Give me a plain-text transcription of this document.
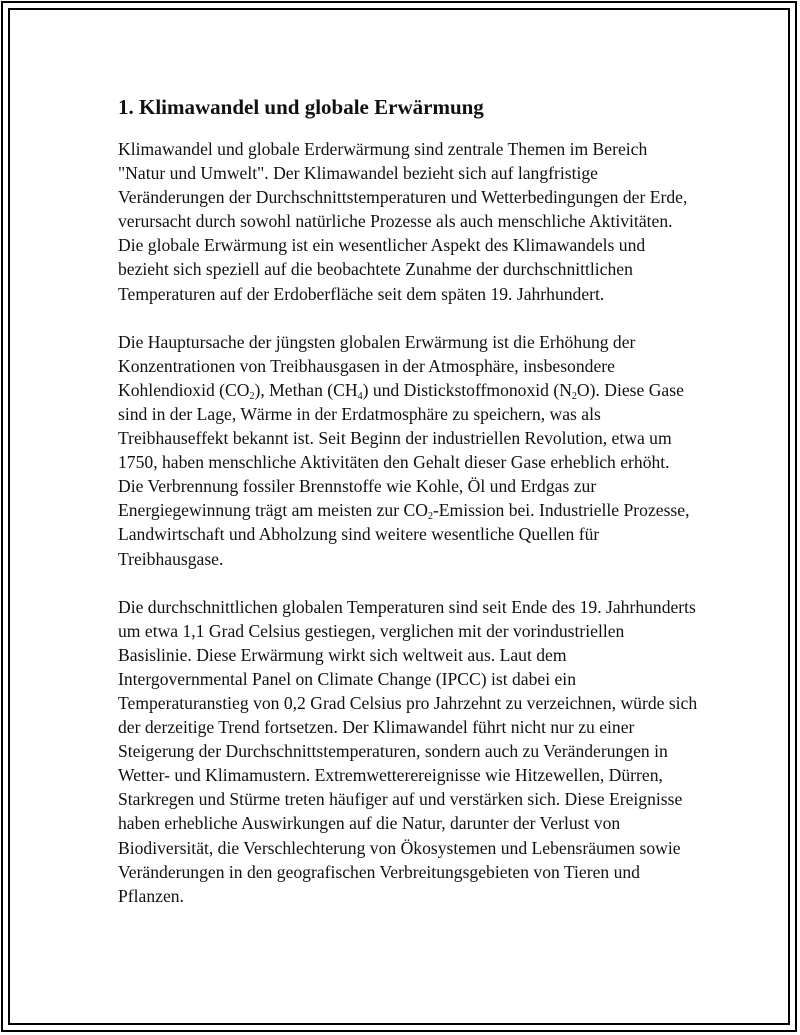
1. Klimawandel und globale Erwärmung

Klimawandel und globale Erderwärmung sind zentrale Themen im Bereich "Natur und Umwelt". Der Klimawandel bezieht sich auf langfristige Veränderungen der Durchschnittstemperaturen und Wetterbedingungen der Erde, verursacht durch sowohl natürliche Prozesse als auch menschliche Aktivitäten. Die globale Erwärmung ist ein wesentlicher Aspekt des Klimawandels und bezieht sich speziell auf die beobachtete Zunahme der durchschnittlichen Temperaturen auf der Erdoberfläche seit dem späten 19. Jahrhundert.

Die Hauptursache der jüngsten globalen Erwärmung ist die Erhöhung der Konzentrationen von Treibhausgasen in der Atmosphäre, insbesondere Kohlendioxid $(CO_2)$, Methan $(CH_4)$ und Distickstoffmonoxid $(N_2O)$. Diese Gase sind in der Lage, Wärme in der Erdatmosphäre zu speichern, was als Treibhauseffekt bekannt ist. Seit Beginn der industriellen Revolution, etwa um 1750, haben menschliche Aktivitäten den Gehalt dieser Gase erheblich erhöht. Die Verbrennung fossiler Brennstoffe wie Kohle, Öl und Erdgas zur Energiegewinnung trägt am meisten zur $CO_2$-Emission bei. Industrielle Prozesse, Landwirtschaft und Abholzung sind weitere wesentliche Quellen für Treibhausgase.

Die durchschnittlichen globalen Temperaturen sind seit Ende des 19. Jahrhunderts um etwa 1,1 Grad Celsius gestiegen, verglichen mit der vorindustriellen Basislinie. Diese Erwärmung wirkt sich weltweit aus. Laut dem Intergovernmental Panel on Climate Change (IPCC) ist dabei ein Temperaturanstieg von 0,2 Grad Celsius pro Jahrzehnt zu verzeichnen, würde sich der derzeitige Trend fortsetzen. Der Klimawandel führt nicht nur zu einer Steigerung der Durchschnittstemperaturen, sondern auch zu Veränderungen in Wetter- und Klimamustern. Extremwetterereignisse wie Hitzewellen, Dürren, Starkregen und Stürme treten häufiger auf und verstärken sich. Diese Ereignisse haben erhebliche Auswirkungen auf die Natur, darunter der Verlust von Biodiversität, die Verschlechterung von Ökosystemen und Lebensräumen sowie Veränderungen in den geografischen Verbreitungsgebieten von Tieren und Pflanzen.
